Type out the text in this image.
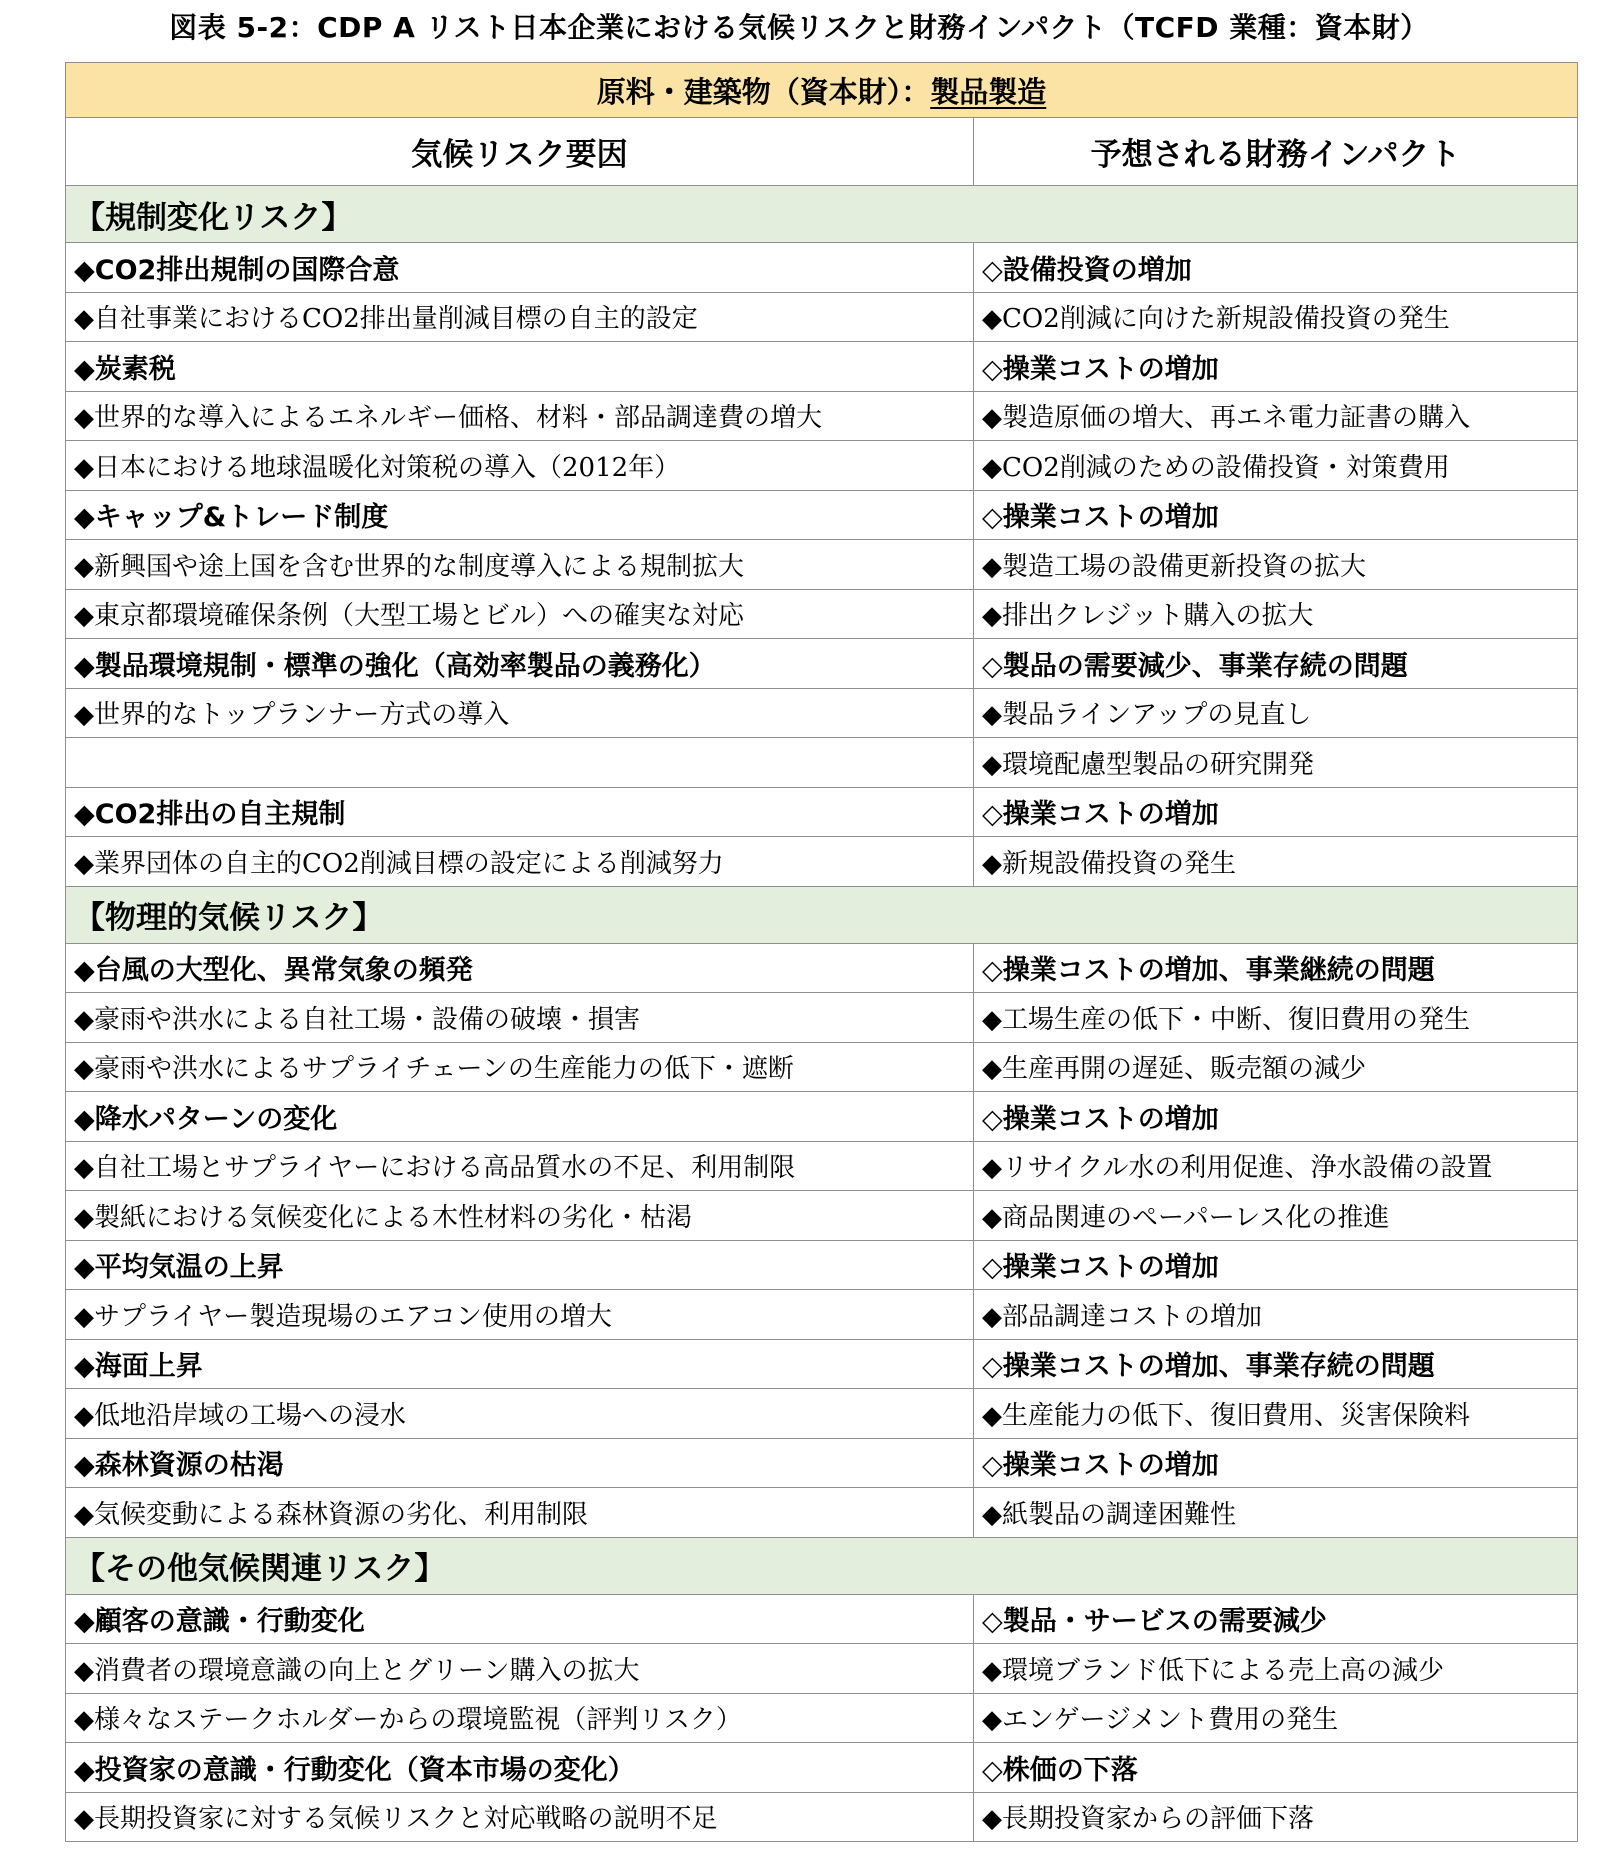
図表 5-2：CDP A リスト日本企業における気候リスクと財務インパクト（TCFD 業種：資本財）
原料・建築物（資本財）：製品製造	
気候リスク要因	予想される財務インパクト
【規制変化リスク】	
◆CO2排出規制の国際合意	◇設備投資の増加
◆自社事業におけるCO2排出量削減目標の自主的設定	◆CO2削減に向けた新規設備投資の発生
◆炭素税	◇操業コストの増加
◆世界的な導入によるエネルギー価格、材料・部品調達費の増大	◆製造原価の増大、再エネ電力証書の購入
◆日本における地球温暖化対策税の導入（2012年）	◆CO2削減のための設備投資・対策費用
◆キャップ&トレード制度	◇操業コストの増加
◆新興国や途上国を含む世界的な制度導入による規制拡大	◆製造工場の設備更新投資の拡大
◆東京都環境確保条例（大型工場とビル）への確実な対応	◆排出クレジット購入の拡大
◆製品環境規制・標準の強化（高効率製品の義務化）	◇製品の需要減少、事業存続の問題
◆世界的なトップランナー方式の導入	◆製品ラインアップの見直し
	◆環境配慮型製品の研究開発
◆CO2排出の自主規制	◇操業コストの増加
◆業界団体の自主的CO2削減目標の設定による削減努力	◆新規設備投資の発生
【物理的気候リスク】	
◆台風の大型化、異常気象の頻発	◇操業コストの増加、事業継続の問題
◆豪雨や洪水による自社工場・設備の破壊・損害	◆工場生産の低下・中断、復旧費用の発生
◆豪雨や洪水によるサプライチェーンの生産能力の低下・遮断	◆生産再開の遅延、販売額の減少
◆降水パターンの変化	◇操業コストの増加
◆自社工場とサプライヤーにおける高品質水の不足、利用制限	◆リサイクル水の利用促進、浄水設備の設置
◆製紙における気候変化による木性材料の劣化・枯渇	◆商品関連のペーパーレス化の推進
◆平均気温の上昇	◇操業コストの増加
◆サプライヤー製造現場のエアコン使用の増大	◆部品調達コストの増加
◆海面上昇	◇操業コストの増加、事業存続の問題
◆低地沿岸域の工場への浸水	◆生産能力の低下、復旧費用、災害保険料
◆森林資源の枯渇	◇操業コストの増加
◆気候変動による森林資源の劣化、利用制限	◆紙製品の調達困難性
【その他気候関連リスク】	
◆顧客の意識・行動変化	◇製品・サービスの需要減少
◆消費者の環境意識の向上とグリーン購入の拡大	◆環境ブランド低下による売上高の減少
◆様々なステークホルダーからの環境監視（評判リスク）	◆エンゲージメント費用の発生
◆投資家の意識・行動変化（資本市場の変化）	◇株価の下落
◆長期投資家に対する気候リスクと対応戦略の説明不足	◆長期投資家からの評価下落
